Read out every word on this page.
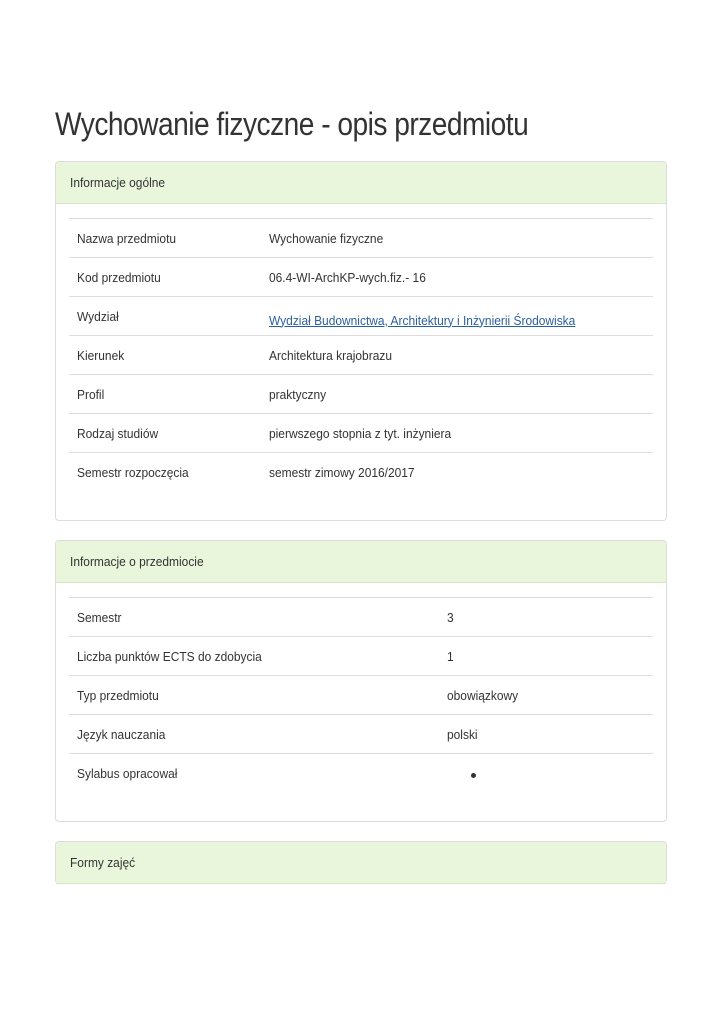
Wychowanie fizyczne - opis przedmiotu
Informacje ogólne
Nazwa przedmiotu	Wychowanie fizyczne
Kod przedmiotu	06.4-WI-ArchKP-wych.fiz.- 16
Wydział	Wydział Budownictwa, Architektury i Inżynierii Środowiska
Kierunek	Architektura krajobrazu
Profil	praktyczny
Rodzaj studiów	pierwszego stopnia z tyt. inżyniera
Semestr rozpoczęcia	semestr zimowy 2016/2017
Informacje o przedmiocie
Semestr	3
Liczba punktów ECTS do zdobycia	1
Typ przedmiotu	obowiązkowy
Język nauczania	polski
Sylabus opracował	
Formy zajęć
